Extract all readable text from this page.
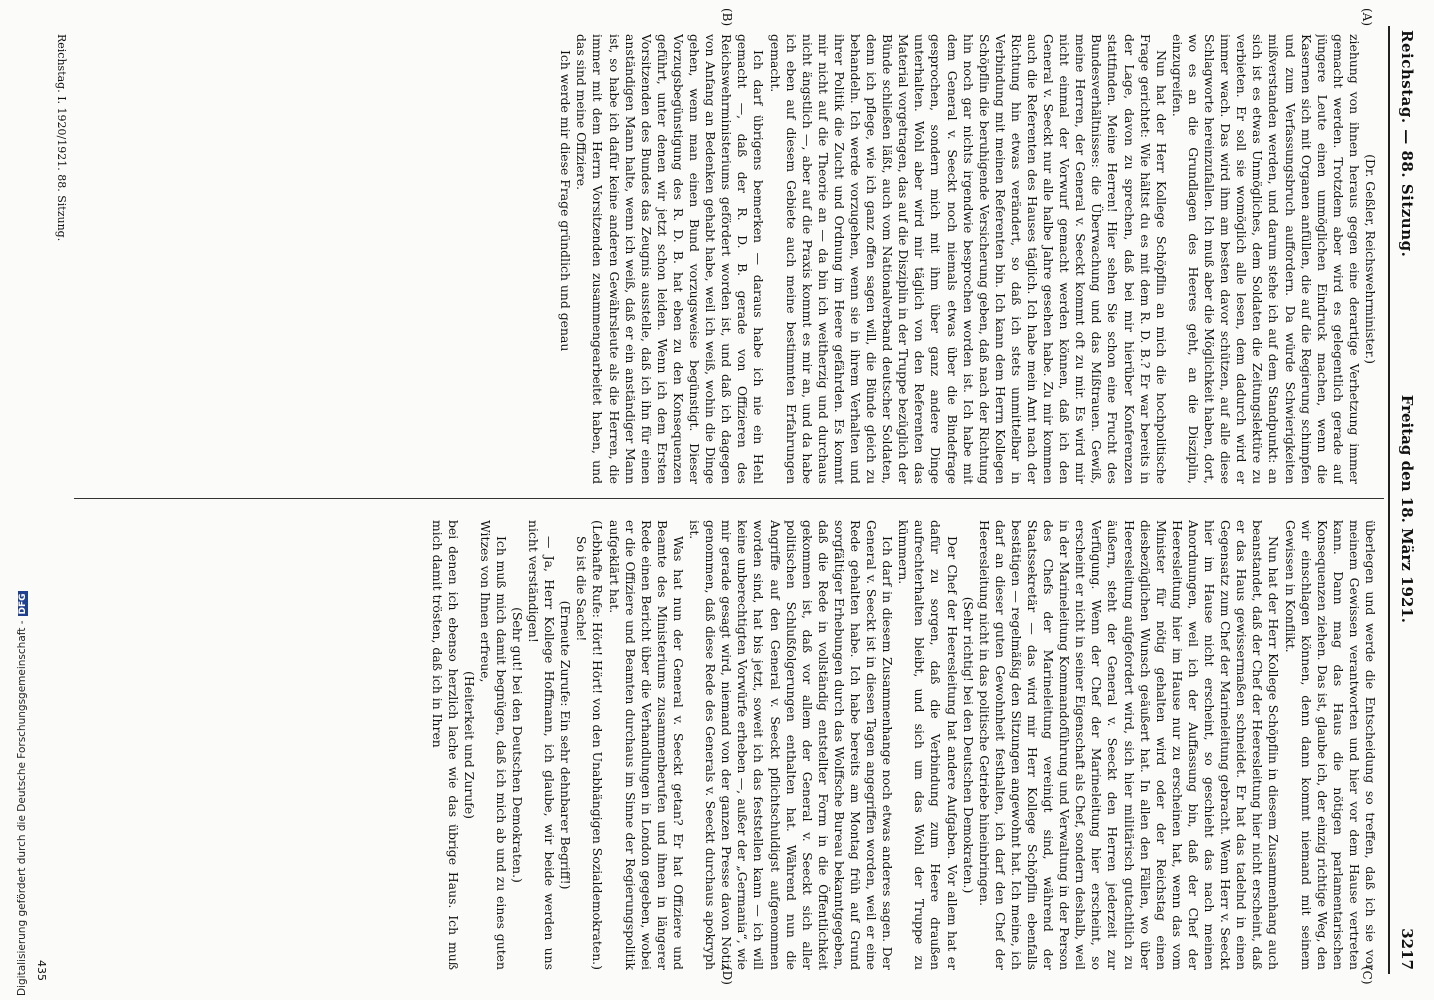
Reichstag. — 88. Sitzung.
Freitag den 18. März 1921. 3217
(A)
(B)
(C)
(D)

(Dr. Geßler, Reichswehrminister.)

ziehung von ihnen heraus gegen eine derartige Verhetzung immer gemacht werden. Trotzdem aber wird es gelegentlich gerade auf jüngere Leute einen unmöglichen Eindruck machen, wenn die Kasernen sich mit Organen anfüllen, die auf die Regierung schimpfen und zum Verfassungsbruch auffordern. Da würde Schwierigkeiten mißverstanden werden, und darum stehe ich auf dem Standpunkt: an sich ist es etwas Unmögliches, dem Soldaten die Zeitungslektüre zu verbieten. Er soll sie womöglich alle lesen, dem dadurch wird er immer wach. Das wird ihm am besten davor schützen, auf alle diese Schlagworte hereinzufallen. Ich muß aber die Möglichkeit haben, dort, wo es an die Grundlagen des Heeres geht, an die Disziplin, einzugreifen.

Nun hat der Herr Kollege Schöpflin an mich die hochpolitische Frage gerichtet: Wie hältst du es mit dem R. D. B.? Er war bereits in der Lage, davon zu sprechen, daß bei mir hierüber Konferenzen stattfinden. Meine Herren! Hier sehen Sie schon eine Frucht des Bundesverhältnisses: die Überwachung und das Mißtrauen. Gewiß, meine Herren, der General v. Seeckt kommt oft zu mir. Es wird mir nicht einmal der Vorwurf gemacht werden können, daß ich den General v. Seeckt nur alle halbe Jahre gesehen habe. Zu mir kommen auch die Referenten des Hauses täglich. Ich habe mein Amt nach der Richtung hin etwas verändert, so daß ich stets unmittelbar in Verbindung mit meinen Referenten bin. Ich kann dem Herrn Kollegen Schöpflin die beruhigende Versicherung geben, daß nach der Richtung hin noch gar nichts irgendwie besprochen worden ist. Ich habe mit dem General v. Seeckt noch niemals etwas über die Bindefrage gesprochen, sondern mich mit ihm über ganz andere Dinge unterhalten. Wohl aber wird mir täglich von den Referenten das Material vorgetragen, das auf die Disziplin in der Truppe bezüglich der Bünde schließen läßt, auch vom Nationalverband deutscher Soldaten, denn ich pflege, wie ich ganz offen sagen will, die Bünde gleich zu behandeln. Ich werde vorzugehen, wenn sie in ihrem Verhalten und ihrer Politik die Zucht und Ordnung im Heere gefährden. Es kommt mir nicht auf die Theorie an — da bin ich weitherzig und durchaus nicht ängstlich —, aber auf die Praxis kommt es mir an, und da habe ich eben auf diesem Gebiete auch meine bestimmten Erfahrungen gemacht.

Ich darf übrigens bemerken — daraus habe ich nie ein Hehl gemacht —, daß der R. D. B. gerade von Offizieren des Reichswehrministeriums gefördert worden ist, und daß ich dagegen von Anfang an Bedenken gehabt habe, weil ich weiß, wohin die Dinge gehen, wenn man einen Bund vorzugsweise begünstigt. Dieser Vorzugsbegünstigung des R. D. B. hat eben zu den Konsequenzen geführt, unter denen wir jetzt schon leiden. Wenn ich dem Ersten Vorsitzenden des Bundes das Zeugnis ausstelle, daß ich ihn für einen anständigen Mann halte, wenn ich weiß, daß er ein anständiger Mann ist, so habe ich dafür keine anderen Gewährsleute als die Herren, die immer mit dem Herrn Vorsitzenden zusammengearbeitet haben, und das sind meine Offiziere.

Ich werde mir diese Frage gründlich und genau

überlegen und werde die Entscheidung so treffen, daß ich sie vor meinem Gewissen verantworten und hier vor dem Hause vertreten kann. Dann mag das Haus die nötigen parlamentarischen Konsequenzen ziehen. Das ist, glaube ich, der einzig richtige Weg, den wir einschlagen können, denn dann kommt niemand mit seinem Gewissen in Konflikt.

Nun hat der Herr Kollege Schöpflin in diesem Zusammenhang auch beanstandet, daß der Chef der Heeresleitung hier nicht erscheint, daß er das Haus gewissermaßen schneidet. Er hat das tadelnd in einen Gegensatz zum Chef der Marineleitung gebracht. Wenn Herr v. Seeckt hier im Hause nicht erscheint, so geschieht das nach meinen Anordnungen, weil ich der Auffassung bin, daß der Chef der Heeresleitung hier im Hause nur zu erscheinen hat, wenn das vom Minister für nötig gehalten wird oder der Reichstag einen diesbezüglichen Wunsch geäußert hat. In allen den Fällen, wo über Heeresleitung aufgefordert wird, sich hier militärisch gutachtlich zu äußern, steht der General v. Seeckt den Herren jederzeit zur Verfügung. Wenn der Chef der Marineleitung hier erscheint, so erscheint er nicht in seiner Eigenschaft als Chef, sondern deshalb, weil in der Marineleitung Kommandoführung und Verwaltung in der Person des Chefs der Marineleitung vereinigt sind, während der Staatssekretär — das wird mir Herr Kollege Schöpflin ebenfalls bestätigen — regelmäßig den Sitzungen angewohnt hat. Ich meine, ich darf an dieser guten Gewohnheit festhalten, ich darf den Chef der Heeresleitung nicht in das politische Getriebe hineinbringen.

(Sehr richtig! bei den Deutschen Demokraten.)

Der Chef der Heeresleitung hat andere Aufgaben. Vor allem hat er dafür zu sorgen, daß die Verbindung zum Heere draußen aufrechterhalten bleibt, und sich um das Wohl der Truppe zu kümmern.

Ich darf in diesem Zusammenhange noch etwas anderes sagen. Der General v. Seeckt ist in diesen Tagen angegriffen worden, weil er eine Rede gehalten habe. Ich habe bereits am Montag früh auf Grund sorgfältiger Erhebungen durch das Wolffsche Bureau bekanntgegeben, daß die Rede in vollständig entstellter Form in die Öffentlichkeit gekommen ist, daß vor allem der General v. Seeckt sich aller politischen Schlußfolgerungen enthalten hat. Während nun die Angriffe auf den General v. Seeckt pflichtschuldigst aufgenommen worden sind, hat bis jetzt, soweit ich das feststellen kann — ich will keine unberechtigten Vorwürfe erheben —, außer der „Germania“, wie mir gerade gesagt wird, niemand von der ganzen Presse davon Notiz genommen, daß diese Rede des Generals v. Seeckt durchaus apokryph ist.

Was hat nun der General v. Seeckt getan? Er hat Offiziere und Beamte des Ministeriums zusammenberufen und ihnen in längerer Rede einen Bericht über die Verhandlungen in London gegeben, wobei er die Offiziere und Beamten durchaus im Sinne der Regierungspolitik aufgeklärt hat.

(Lebhafte Rufe: Hört! Hört! von den Unabhängigen Sozialdemokraten.)

So ist die Sache!

(Erneute Zurufe: Ein sehr dehnbarer Begriff!)

— Ja, Herr Kollege Hoffmann, ich glaube, wir beide werden uns nicht verständigen!

(Sehr gut! bei den Deutschen Demokraten.)

Ich muß mich damit begnügen, daß ich mich ab und zu eines guten Witzes von Ihnen erfreue,

(Heiterkeit und Zurufe)

bei denen ich ebenso herzlich lache wie das übrige Haus. Ich muß mich damit trösten, daß ich in Ihren

Reichstag. I. 1920/1921. 88. Sitzung.
435
Digitalisierung gefördert durch die Deutsche Forschungsgemeinschaft -DFG
